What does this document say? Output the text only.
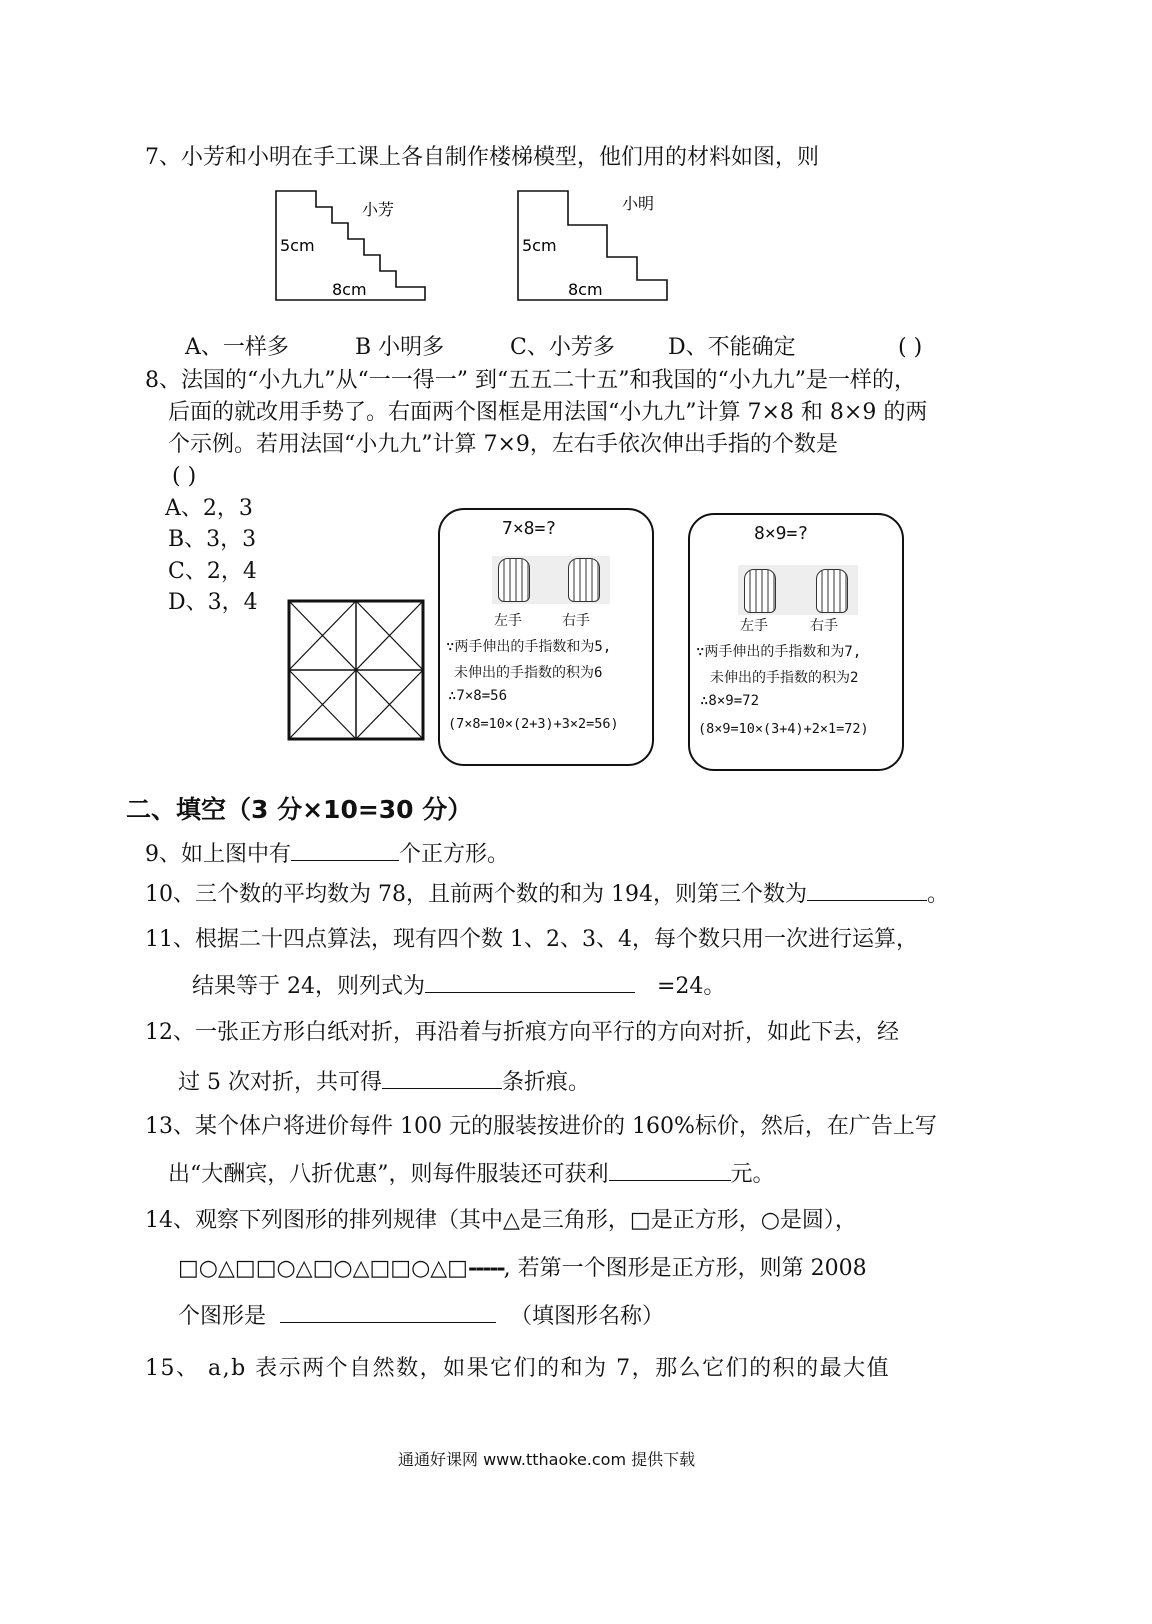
7、小芳和小明在手工课上各自制作楼梯模型，他们用的材料如图，则
小芳
5cm
8cm
小明
5cm
8cm
A、一样多	B 小明多	C、小芳多 D、不能确定	( )
8、法国的“小九九”从“一一得一” 到“五五二十五”和我国的“小九九”是一样的，
后面的就改用手势了。右面两个图框是用法国“小九九”计算 7×8 和 8×9 的两
个示例。若用法国“小九九”计算 7×9，左右手依次伸出手指的个数是
( )
A、2，3
B、3，3
C、2，4
D、3，4
7×8=?
左手	右手
∵两手伸出的手指数和为5,
未伸出的手指数的积为6
∴7×8=56
(7×8=10×(2+3)+3×2=56)
8×9=?
左手	右手
∵两手伸出的手指数和为7,
未伸出的手指数的积为2
∴8×9=72
(8×9=10×(3+4)+2×1=72)
二、填空（3 分×10=30 分）
9、如上图中有	个正方形。
10、三个数的平均数为 78，且前两个数的和为 194，则第三个数为	。
11、根据二十四点算法，现有四个数 1、2、3、4，每个数只用一次进行运算，
结果等于 24，则列式为	=24。
12、一张正方形白纸对折，再沿着与折痕方向平行的方向对折，如此下去，经
过 5 次对折，共可得	条折痕。
13、某个体户将进价每件 100 元的服装按进价的 160%标价，然后，在广告上写
出“大酬宾，八折优惠”，则每件服装还可获利	元。
14、观察下列图形的排列规律（其中△是三角形，□是正方形，○是圆），
□○△□□○△□○△□□○△□-----, 若第一个图形是正方形，则第 2008
个图形是	（填图形名称）
15、 a,b 表示两个自然数，如果它们的和为 7，那么它们的积的最大值
通通好课网 www.tthaoke.com 提供下载
